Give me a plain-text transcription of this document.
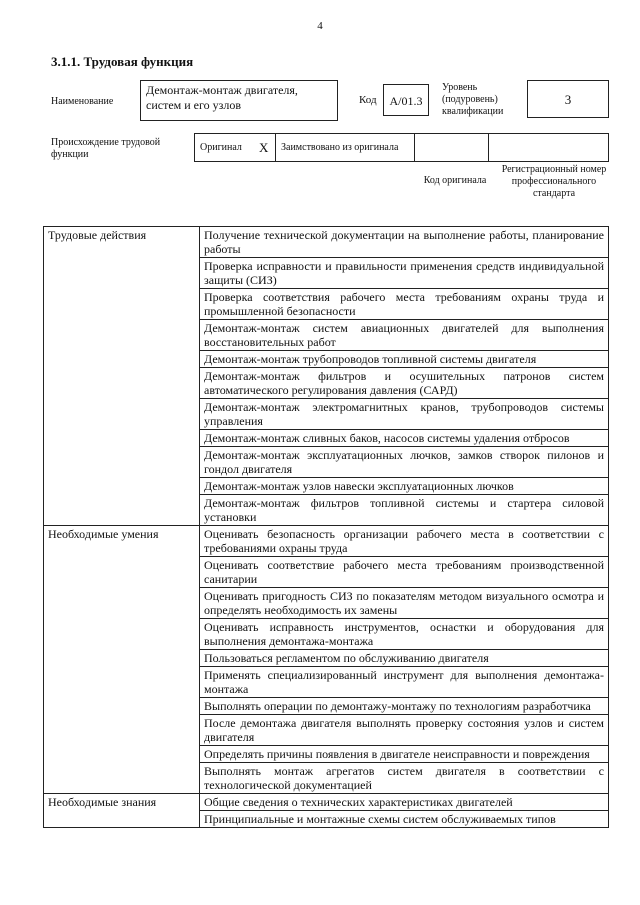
4
3.1.1. Трудовая функция
Наименование
Демонтаж-монтаж двигателя, систем и его узлов	Код	А/01.3
Уровень (подуровень) квалификации
3
Происхождение трудовой функции
Оригинал X	Заимствовано из оригинала
Код оригинала
Регистрационный номер профессионального стандарта
Трудовые действия	Получение технической документации на выполнение работы, планирование работы
	Проверка исправности и правильности применения средств индивидуальной защиты (СИЗ)
	Проверка соответствия рабочего места требованиям охраны труда и промышленной безопасности
	Демонтаж-монтаж систем авиационных двигателей для выполнения восстановительных работ
	Демонтаж-монтаж трубопроводов топливной системы двигателя
	Демонтаж-монтаж фильтров и осушительных патронов систем автоматического регулирования давления (САРД)
	Демонтаж-монтаж электромагнитных кранов, трубопроводов системы управления
	Демонтаж-монтаж сливных баков, насосов системы удаления отбросов
	Демонтаж-монтаж эксплуатационных лючков, замков створок пилонов и гондол двигателя
	Демонтаж-монтаж узлов навески эксплуатационных лючков
	Демонтаж-монтаж фильтров топливной системы и стартера силовой установки
Необходимые умения	Оценивать безопасность организации рабочего места в соответствии с требованиями охраны труда
	Оценивать соответствие рабочего места требованиям производственной санитарии
	Оценивать пригодность СИЗ по показателям методом визуального осмотра и определять необходимость их замены
	Оценивать исправность инструментов, оснастки и оборудования для выполнения демонтажа-монтажа
	Пользоваться регламентом по обслуживанию двигателя
	Применять специализированный инструмент для выполнения демонтажа-монтажа
	Выполнять операции по демонтажу-монтажу по технологиям разработчика
	После демонтажа двигателя выполнять проверку состояния узлов и систем двигателя
	Определять причины появления в двигателе неисправности и повреждения
	Выполнять монтаж агрегатов систем двигателя в соответствии с технологической документацией
Необходимые знания	Общие сведения о технических характеристиках двигателей
	Принципиальные и монтажные схемы систем обслуживаемых типов
